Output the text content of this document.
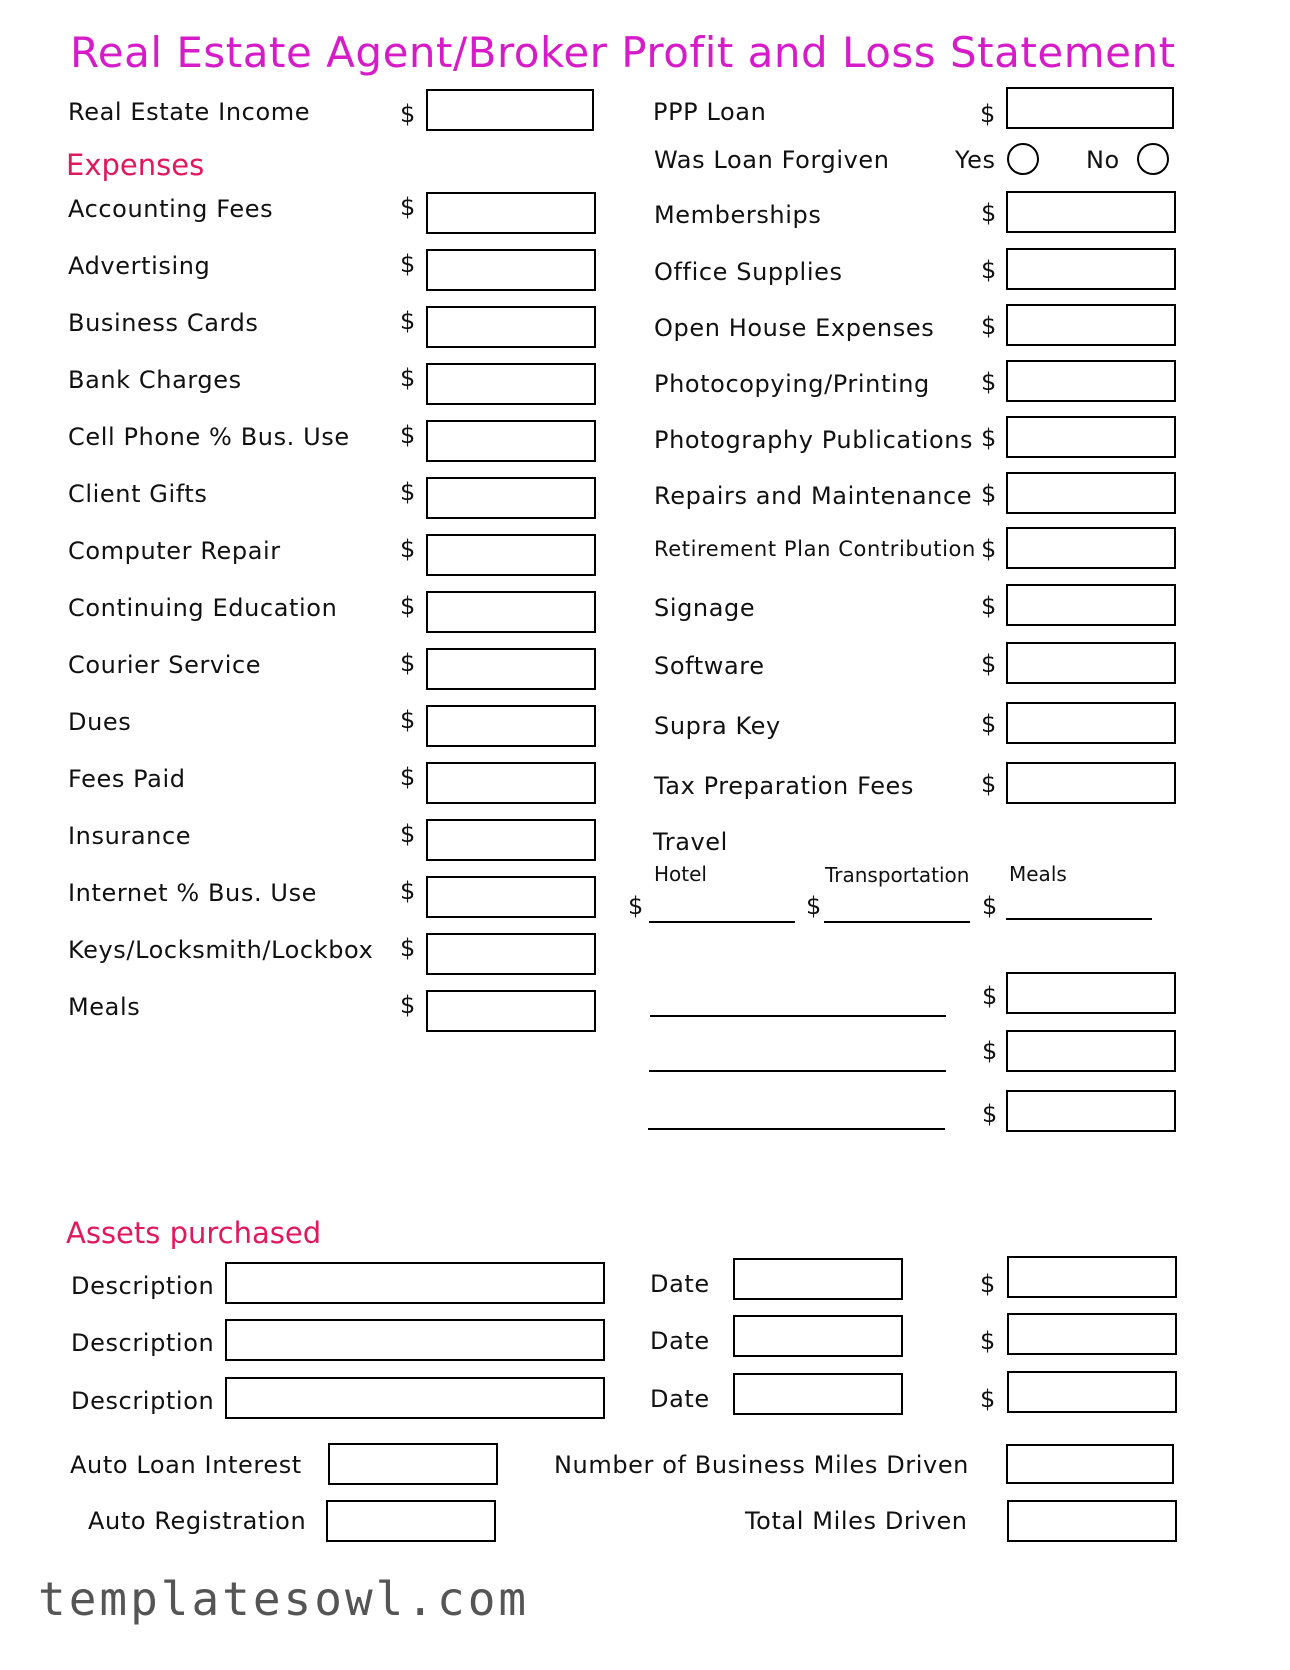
Real Estate Agent/Broker Profit and Loss Statement
Real Estate Income	$
Expenses
Accounting Fees	$
Advertising	$
Business Cards	$
Bank Charges	$
Cell Phone % Bus. Use $
Client Gifts	$
Computer Repair	$
Continuing Education	$
Courier Service	$
Dues	$
Fees Paid	$
Insurance	$
Internet % Bus. Use	$
Keys/Locksmith/Lockbox $
Meals	$
PPP Loan	$
Was Loan Forgiven	Yes	No
Memberships	$
Office Supplies	$
Open House Expenses $
Photocopying/Printing $
Photography Publications $
Repairs and Maintenance $
Retirement Plan Contribution $
Signage	$
Software	$
Supra Key	$
Tax Preparation Fees	$
Travel
Hotel	Transportation Meals
$	$	$
$
$
$
Assets purchased
Description	Date	$
Description	Date	$
Description	Date	$
Auto Loan Interest
Auto Registration
Number of Business Miles Driven
Total Miles Driven
templatesowl.com
